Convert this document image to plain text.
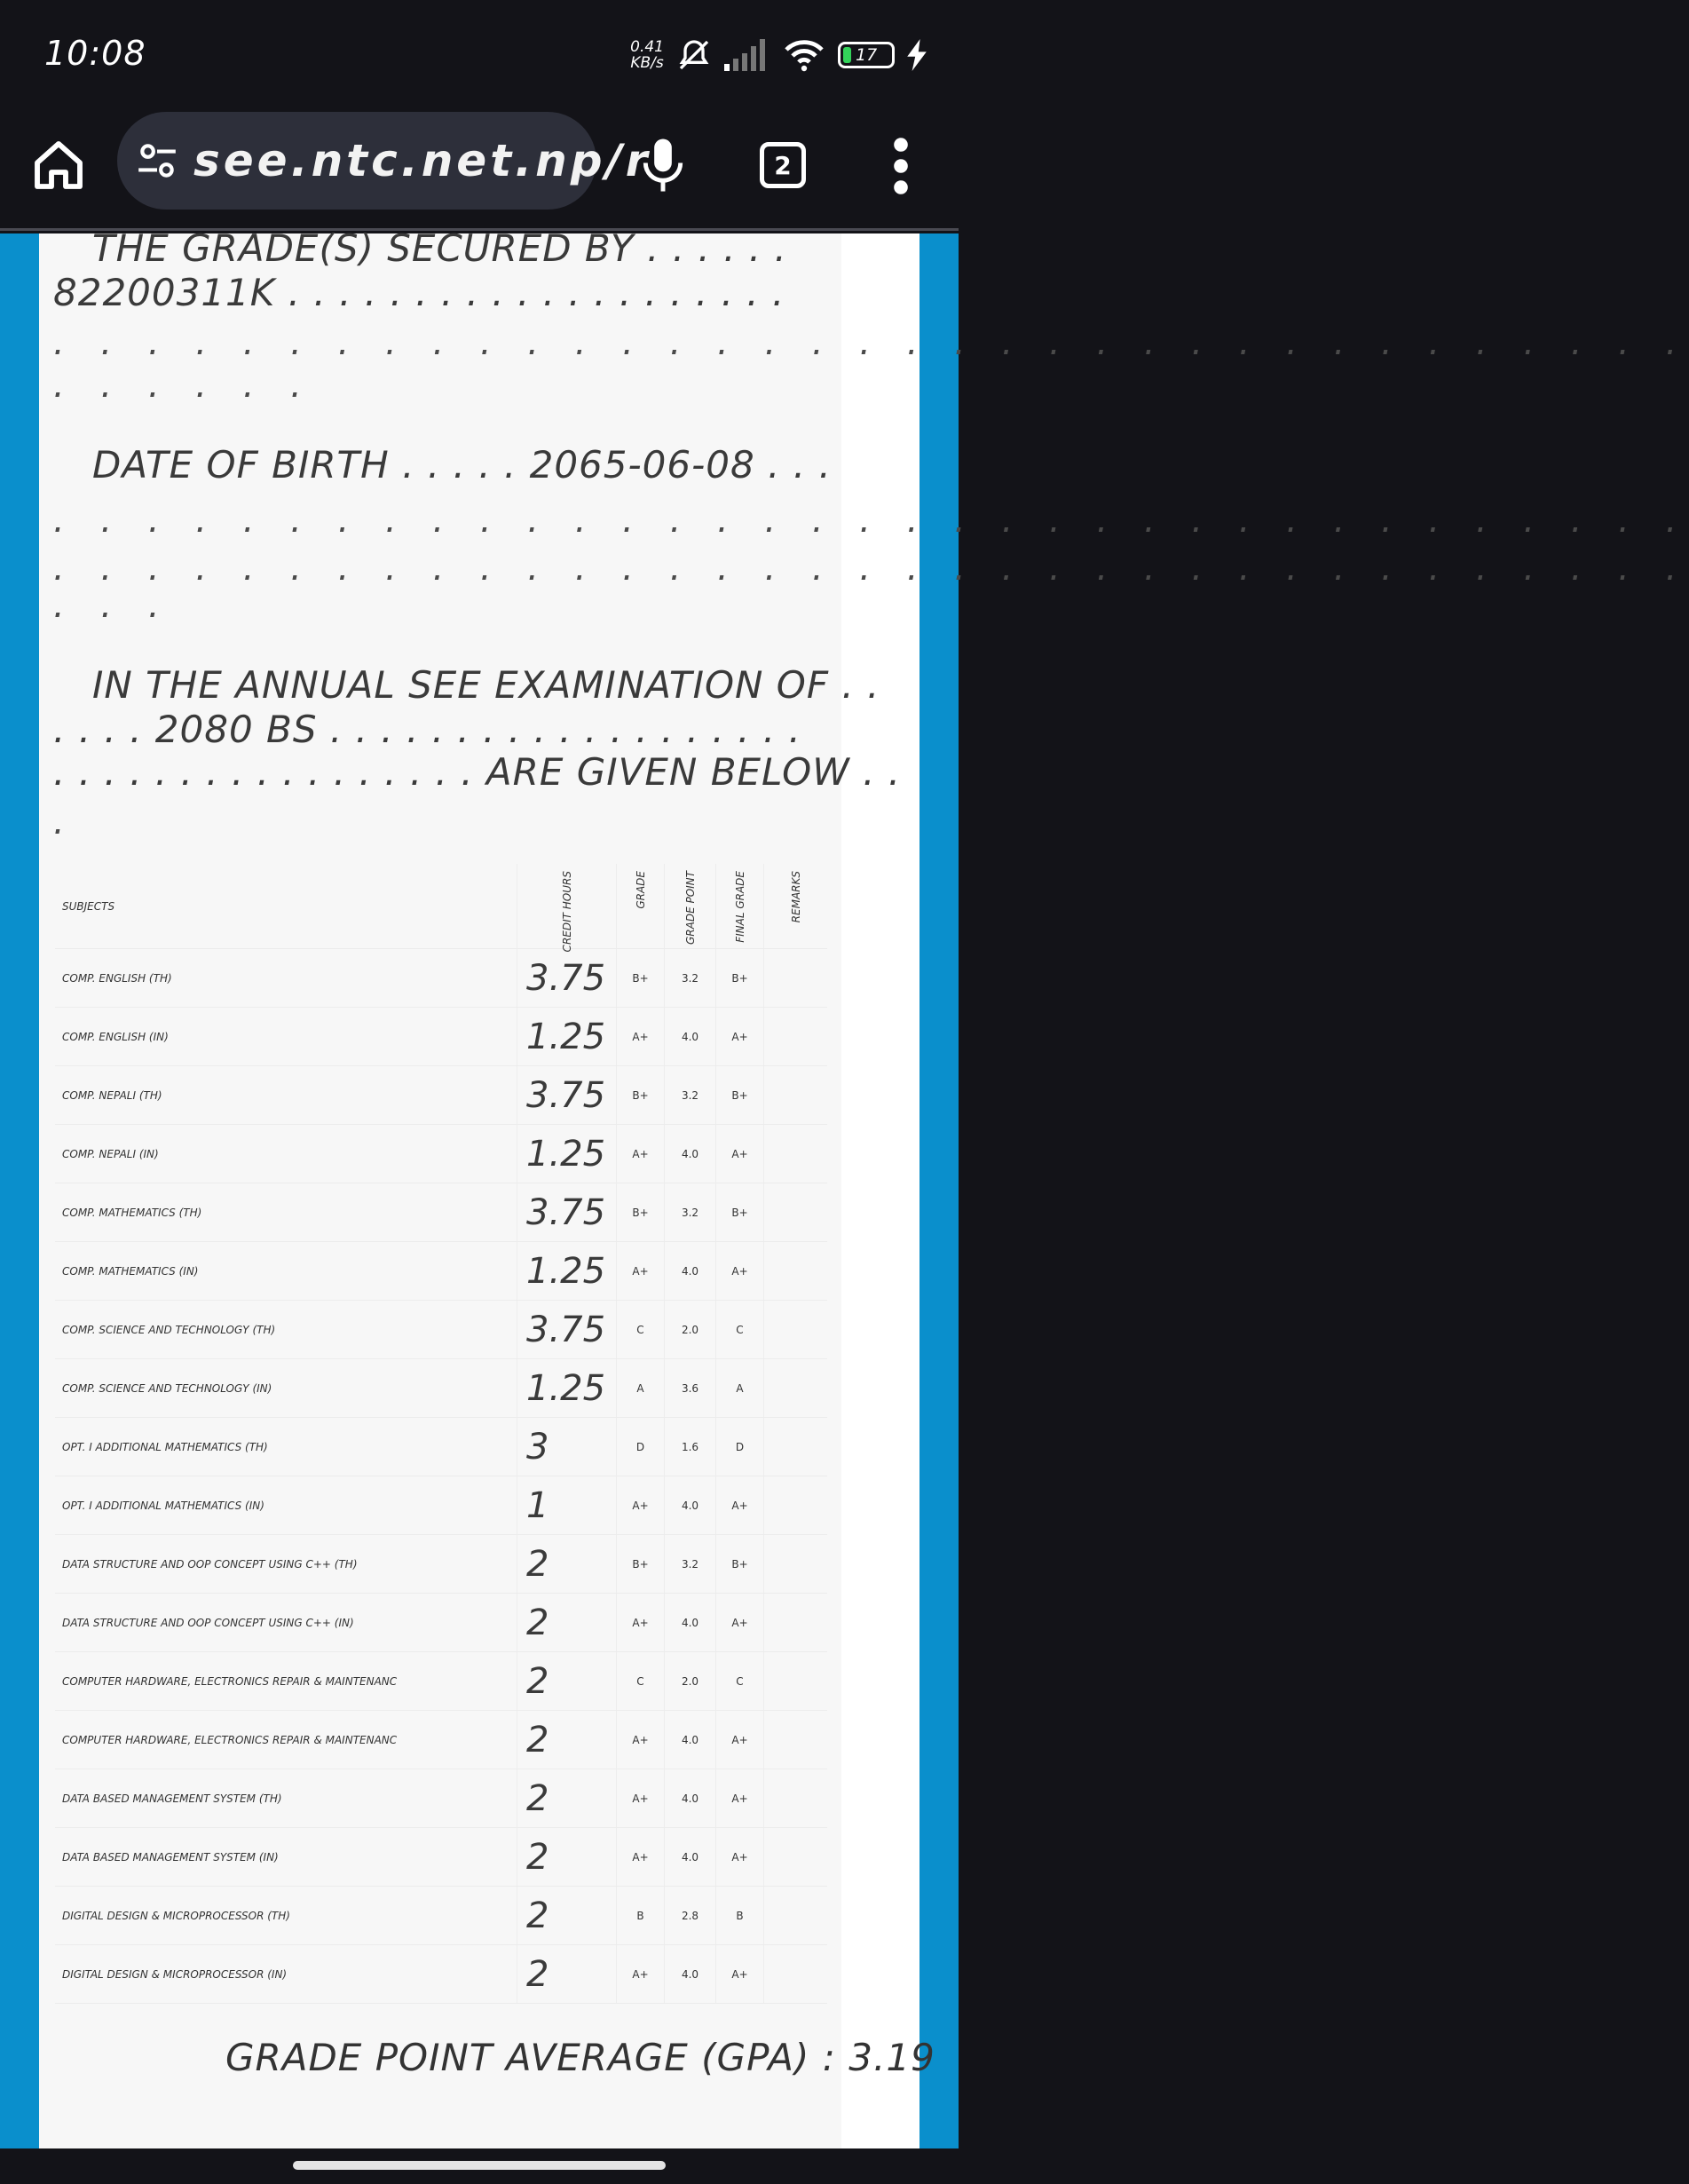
10:08	0.41
KB/s	17
see.ntc.net.np/r	2
THE GRADE(S) SECURED BY . . . . . .
82200311K . . . . . . . . . . . . . . . . . . . .
. . . . . . . . . . . . . . . . . . . . . . . . . . . . . . . . . . .
. . . . . .
DATE OF BIRTH . . . . . 2065-06-08 . . .
. . . . . . . . . . . . . . . . . . . . . . . . . . . . . . . . . . .
. . . . . . . . . . . . . . . . . . . . . . . . . . . . . . . . . . .
. . .
IN THE ANNUAL SEE EXAMINATION OF . .
. . . . 2080 BS . . . . . . . . . . . . . . . . . . .
. . . . . . . . . . . . . . . . . ARE GIVEN BELOW . .
.
SUBJECTS	CREDIT HOURS	GRADE	GRADE POINT	FINAL GRADE	REMARKS
COMP. ENGLISH (TH)	3.75	B+	3.2	B+
COMP. ENGLISH (IN)	1.25	A+	4.0	A+
COMP. NEPALI (TH)	3.75	B+	3.2	B+
COMP. NEPALI (IN)	1.25	A+	4.0	A+
COMP. MATHEMATICS (TH)	3.75	B+	3.2	B+
COMP. MATHEMATICS (IN)	1.25	A+	4.0	A+
COMP. SCIENCE AND TECHNOLOGY (TH)	3.75	C	2.0	C
COMP. SCIENCE AND TECHNOLOGY (IN)	1.25	A	3.6	A
OPT. I ADDITIONAL MATHEMATICS (TH)	3	D	1.6	D
OPT. I ADDITIONAL MATHEMATICS (IN)	1	A+	4.0	A+
DATA STRUCTURE AND OOP CONCEPT USING C++ (TH)	2	B+	3.2	B+
DATA STRUCTURE AND OOP CONCEPT USING C++ (IN)	2	A+	4.0	A+
COMPUTER HARDWARE, ELECTRONICS REPAIR & MAINTENANC	2	C	2.0	C
COMPUTER HARDWARE, ELECTRONICS REPAIR & MAINTENANC	2	A+	4.0	A+
DATA BASED MANAGEMENT SYSTEM (TH)	2	A+	4.0	A+
DATA BASED MANAGEMENT SYSTEM (IN)	2	A+	4.0	A+
DIGITAL DESIGN & MICROPROCESSOR (TH)	2	B	2.8	B
DIGITAL DESIGN & MICROPROCESSOR (IN)	2	A+	4.0	A+
GRADE POINT AVERAGE (GPA) : 3.19
